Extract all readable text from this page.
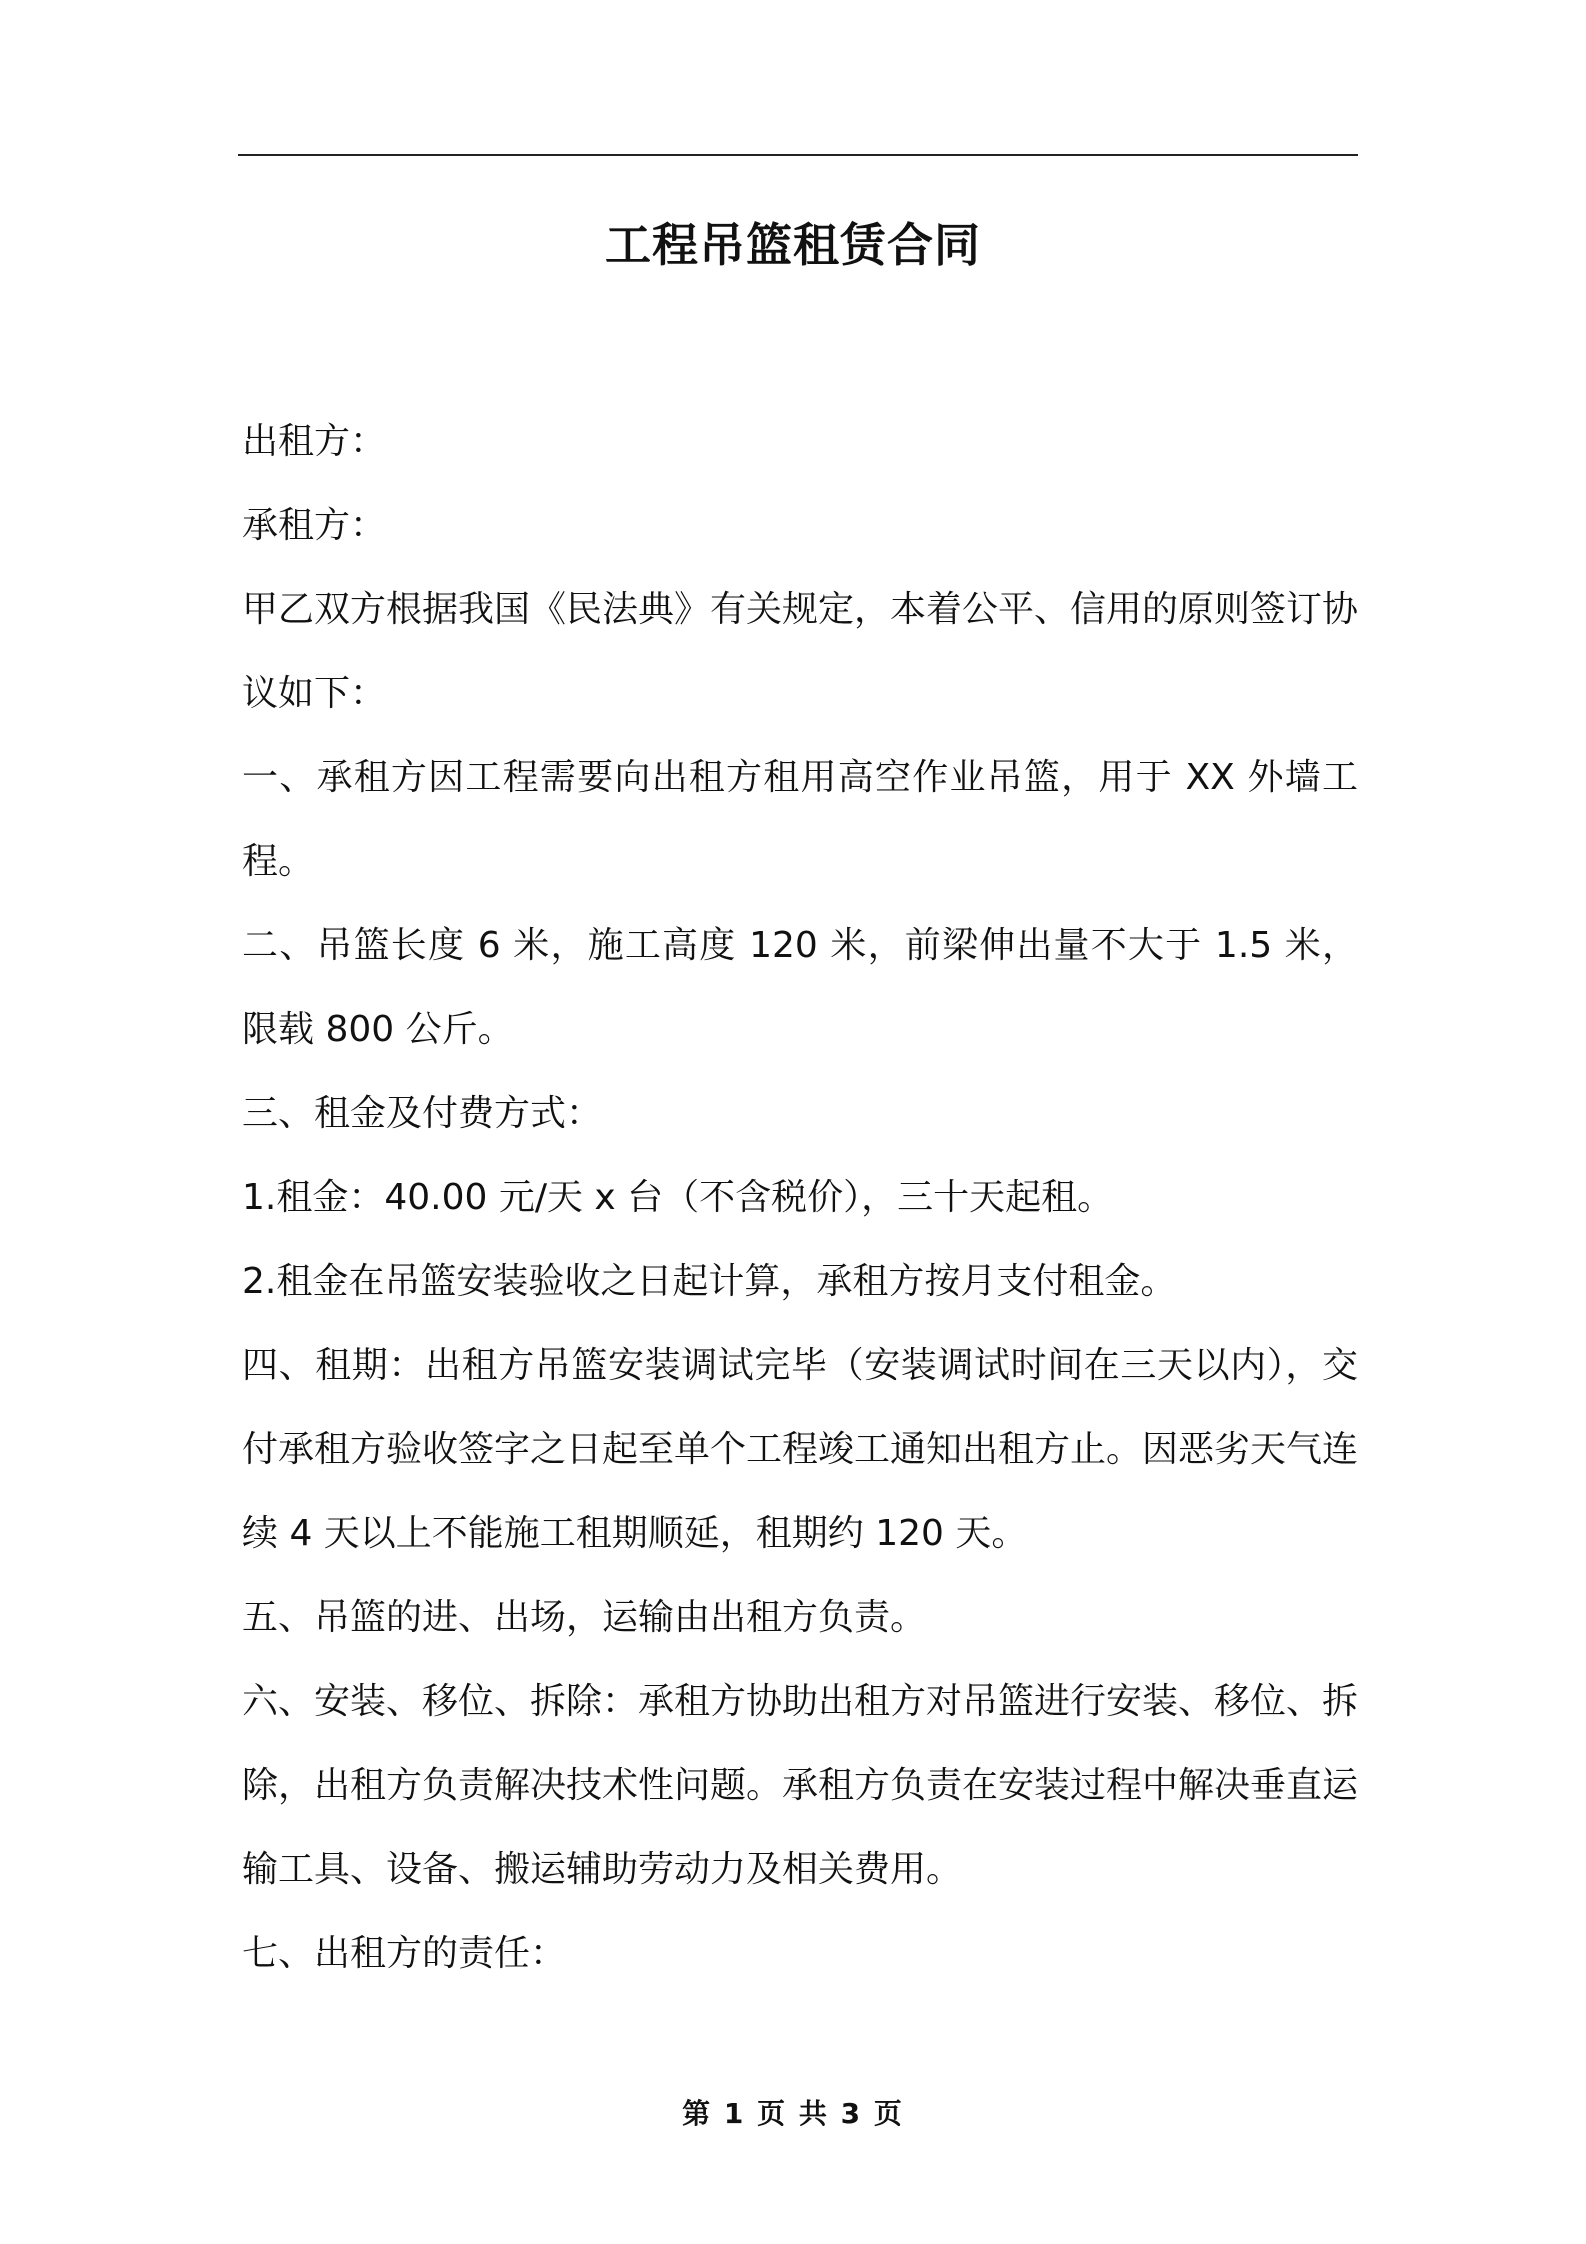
工程吊篮租赁合同

出租方：

承租方：

甲乙双方根据我国《民法典》有关规定，本着公平、信用的原则签订协议如下：

一、承租方因工程需要向出租方租用高空作业吊篮，用于 XX 外墙工程。

二、吊篮长度 6 米，施工高度 120 米，前梁伸出量不大于 1.5 米，限载 800 公斤。

三、租金及付费方式：

1.租金：40.00 元/天 x 台（不含税价），三十天起租。

2.租金在吊篮安装验收之日起计算，承租方按月支付租金。

四、租期：出租方吊篮安装调试完毕（安装调试时间在三天以内），交付承租方验收签字之日起至单个工程竣工通知出租方止。因恶劣天气连续 4 天以上不能施工租期顺延，租期约 120 天。

五、吊篮的进、出场，运输由出租方负责。

六、安装、移位、拆除：承租方协助出租方对吊篮进行安装、移位、拆除，出租方负责解决技术性问题。承租方负责在安装过程中解决垂直运输工具、设备、搬运辅助劳动力及相关费用。

七、出租方的责任：

第 1 页 共 3 页
